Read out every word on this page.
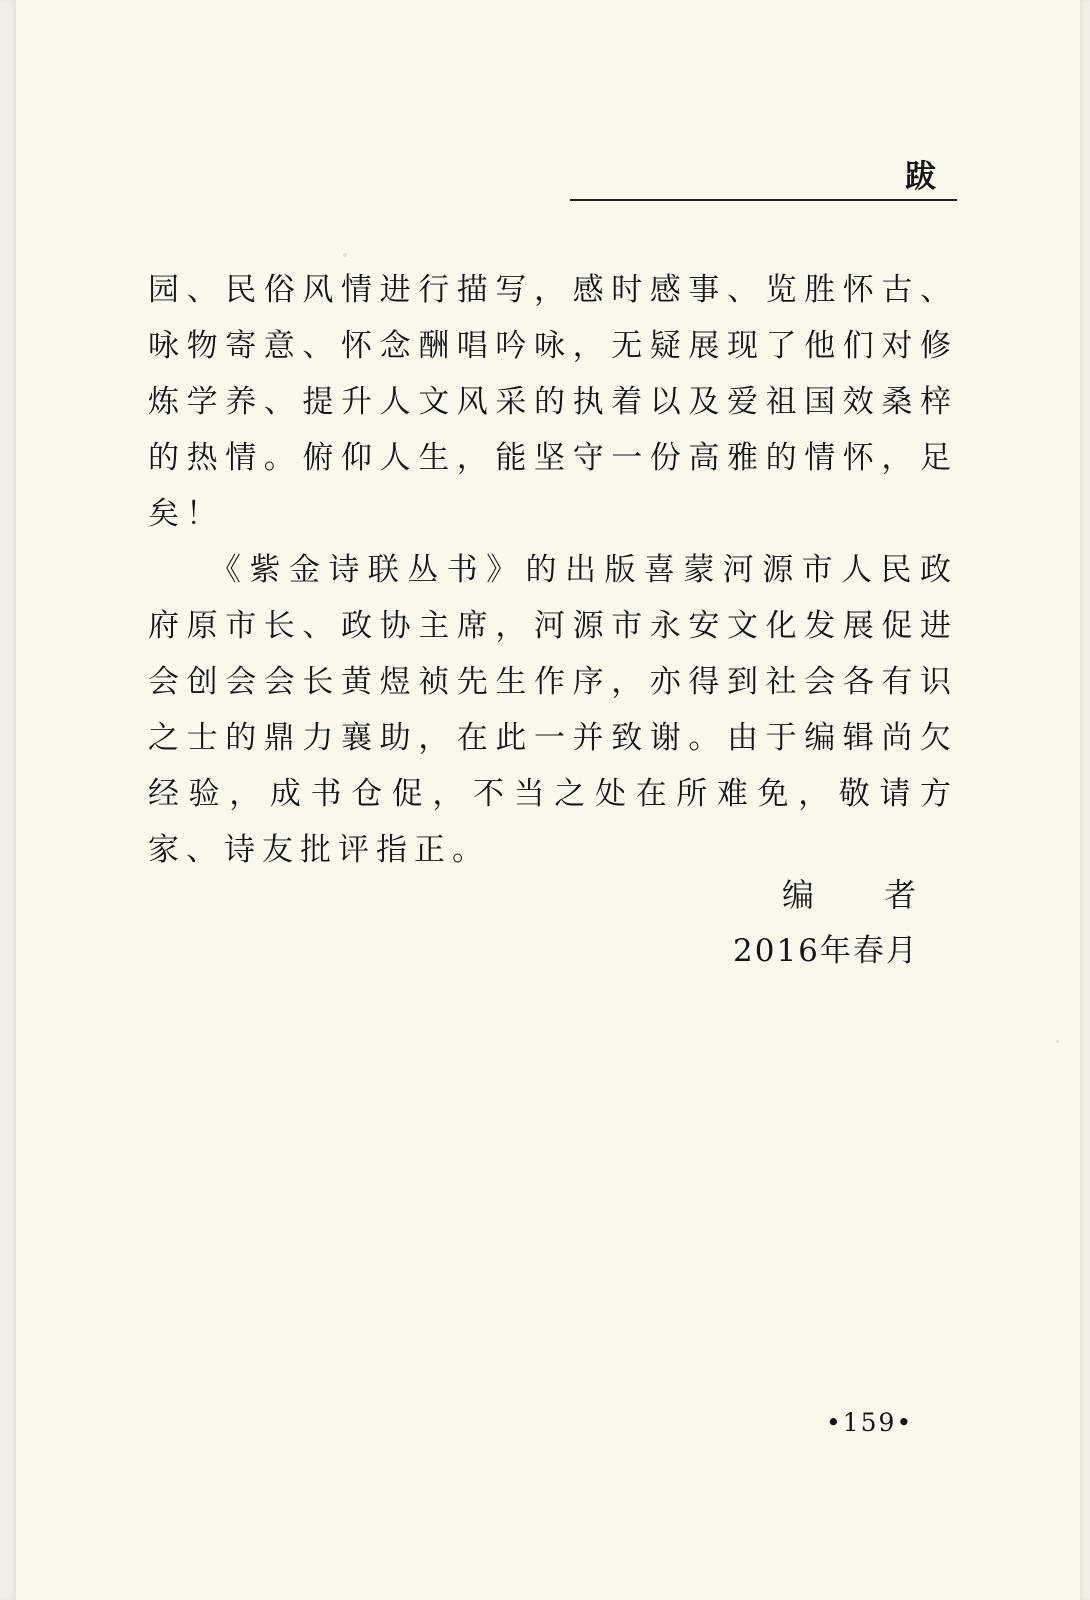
跋

园、民俗风情进行描写，感时感事、览胜怀古、咏物寄意、怀念酬唱吟咏，无疑展现了他们对修炼学养、提升人文风采的执着以及爱祖国效桑梓的热情。俯仰人生，能坚守一份高雅的情怀，足矣！

《紫金诗联丛书》的出版喜蒙河源市人民政府原市长、政协主席，河源市永安文化发展促进会创会会长黄煜祯先生作序，亦得到社会各有识之士的鼎力襄助，在此一并致谢。由于编辑尚欠经验，成书仓促，不当之处在所难免，敬请方家、诗友批评指正。

编 者
2016年春月
•159•
